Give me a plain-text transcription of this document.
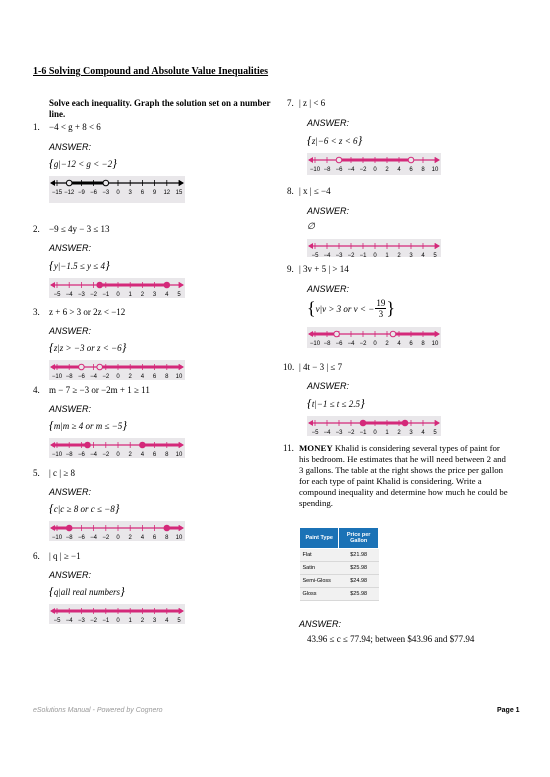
1-6 Solving Compound and Absolute Value Inequalities
Solve each inequality. Graph the solution set on a number line.
1. −4 < g + 8 < 6
ANSWER:
{g|−12 < g < −2}
−15 −12 −9 −6 −3 0 3 6 9 12 15
2. −9 ≤ 4y − 3 ≤ 13
ANSWER:
{y|−1.5 ≤ y ≤ 4}
−5 −4 −3 −2 −1 0 1 2 3 4 5
3. z + 6 > 3 or 2z < −12
ANSWER:
{z|z > −3 or z < −6}
−10 −8 −6 −4 −2 0 2 4 6 8 10
4. m − 7 ≥ −3 or −2m + 1 ≥ 11
ANSWER:
{m|m ≥ 4 or m ≤ −5}
−10 −8 −6 −4 −2 0 2 4 6 8 10
5. | c | ≥ 8
ANSWER:
{c|c ≥ 8 or c ≤ −8}
−10 −8 −6 −4 −2 0 2 4 6 8 10
6. | q | ≥ −1
ANSWER:
{q|all real numbers}
−5 −4 −3 −2 −1 0 1 2 3 4 5
7. | z | < 6
ANSWER:
{z|−6 < z < 6}
−10 −8 −6 −4 −2 0 2 4 6 8 10
8. | x | ≤ −4
ANSWER:
∅
−5 −4 −3 −2 −1 0 1 2 3 4 5
9. | 3v + 5 | > 14
ANSWER:
{ v|v > 3 or v < − $\frac{19}{3}$ }
−10 −8 −6 −4 −2 0 2 4 6 8 10
10. | 4t − 3 | ≤ 7
ANSWER:
{t|−1 ≤ t ≤ 2.5}
−5 −4 −3 −2 −1 0 1 2 3 4 5
11. MONEY Khalid is considering several types of paint for his bedroom. He estimates that he will need between 2 and 3 gallons. The table at the right shows the price per gallon for each type of paint Khalid is considering. Write a compound inequality and determine how much he could be spending.
Paint Type	Price per Gallon
Flat	$21.98
Satin	$25.98
Semi-Gloss	$24.98
Gloss	$25.98
ANSWER:
43.96 ≤ c ≤ 77.94; between $43.96 and $77.94
eSolutions Manual - Powered by Cognero	Page 1
